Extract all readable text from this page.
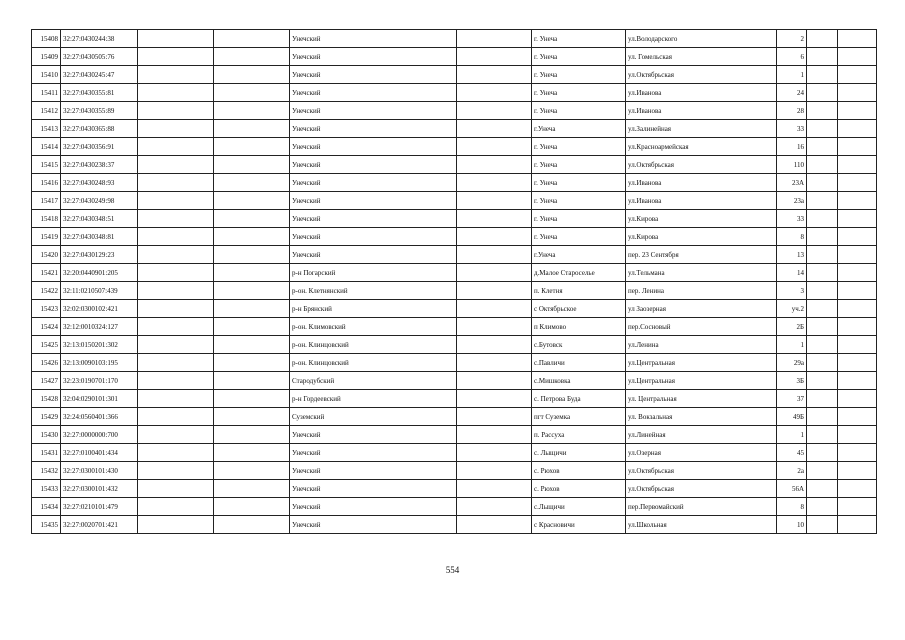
15408	32:27:0430244:38			Унечский		г. Унеча	ул.Володарского	2		
15409	32:27:0430505:76			Унечский		г. Унеча	ул. Гомельская	6		
15410	32:27:0430245:47			Унечский		г. Унеча	ул.Октябрьская	1		
15411	32:27:0430355:81			Унечский		г. Унеча	ул.Иванова	24		
15412	32:27:0430355:89			Унечский		г. Унеча	ул.Иванова	28		
15413	32:27:0430365:88			Унечский		г.Унеча	ул.Залинейная	33		
15414	32:27:0430356:91			Унечский		г. Унеча	ул.Красноармейская	16		
15415	32:27:0430238:37			Унечский		г. Унеча	ул.Октябрьская	110		
15416	32:27:0430248:93			Унечский		г. Унеча	ул.Иванова	23А		
15417	32:27:0430249:98			Унечский		г. Унеча	ул.Иванова	23а		
15418	32:27:0430348:51			Унечский		г. Унеча	ул.Кирова	33		
15419	32:27:0430348:81			Унечский		г. Унеча	ул.Кирова	8		
15420	32:27:0430129:23			Унечский		г.Унеча	пер. 23 Сентября	13		
15421	32:20:0440901:205			р-н Погарский		д.Малое Староселье	ул.Тельмана	14		
15422	32:11:0210507:439			р-он. Клетнянский		п. Клетня	пер. Ленина	3		
15423	32:02:0300102:421			р-н Брянский		с Октябрьское	ул Заозерная	уч.2		
15424	32:12:0010324:127			р-он. Климовский		п Климово	пер.Сосновый	2Б		
15425	32:13:0150201:302			р-он. Клинцовский		с.Бутовск	ул.Ленина	1		
15426	32:13:0090103:195			р-он. Клинцовский		с.Павличи	ул.Центральная	29а		
15427	32:23:0190701:170			Стародубский		с.Мишковка	ул.Центральная	3Б		
15428	32:04:0290101:301			р-н Гордеевский		с. Петрова Буда	ул. Центральная	37		
15429	32:24:0560401:366			Суземский		пгт Суземка	ул. Вокзальная	49Б		
15430	32:27:0000000:700			Унечский		п. Рассуха	ул.Линейная	1		
15431	32:27:0100401:434			Унечский		с. Лыщичи	ул.Озерная	45		
15432	32:27:0300101:430			Унечский		с. Рюхов	ул.Октябрьская	2а		
15433	32:27:0300101:432			Унечский		с. Рюхов	ул.Октябрьская	56А		
15434	32:27:0210101:479			Унечский		с.Лыщичи	пер.Первомайский	8		
15435	32:27:0020701:421			Унечский		с Красновичи	ул.Школьная	10		
554
